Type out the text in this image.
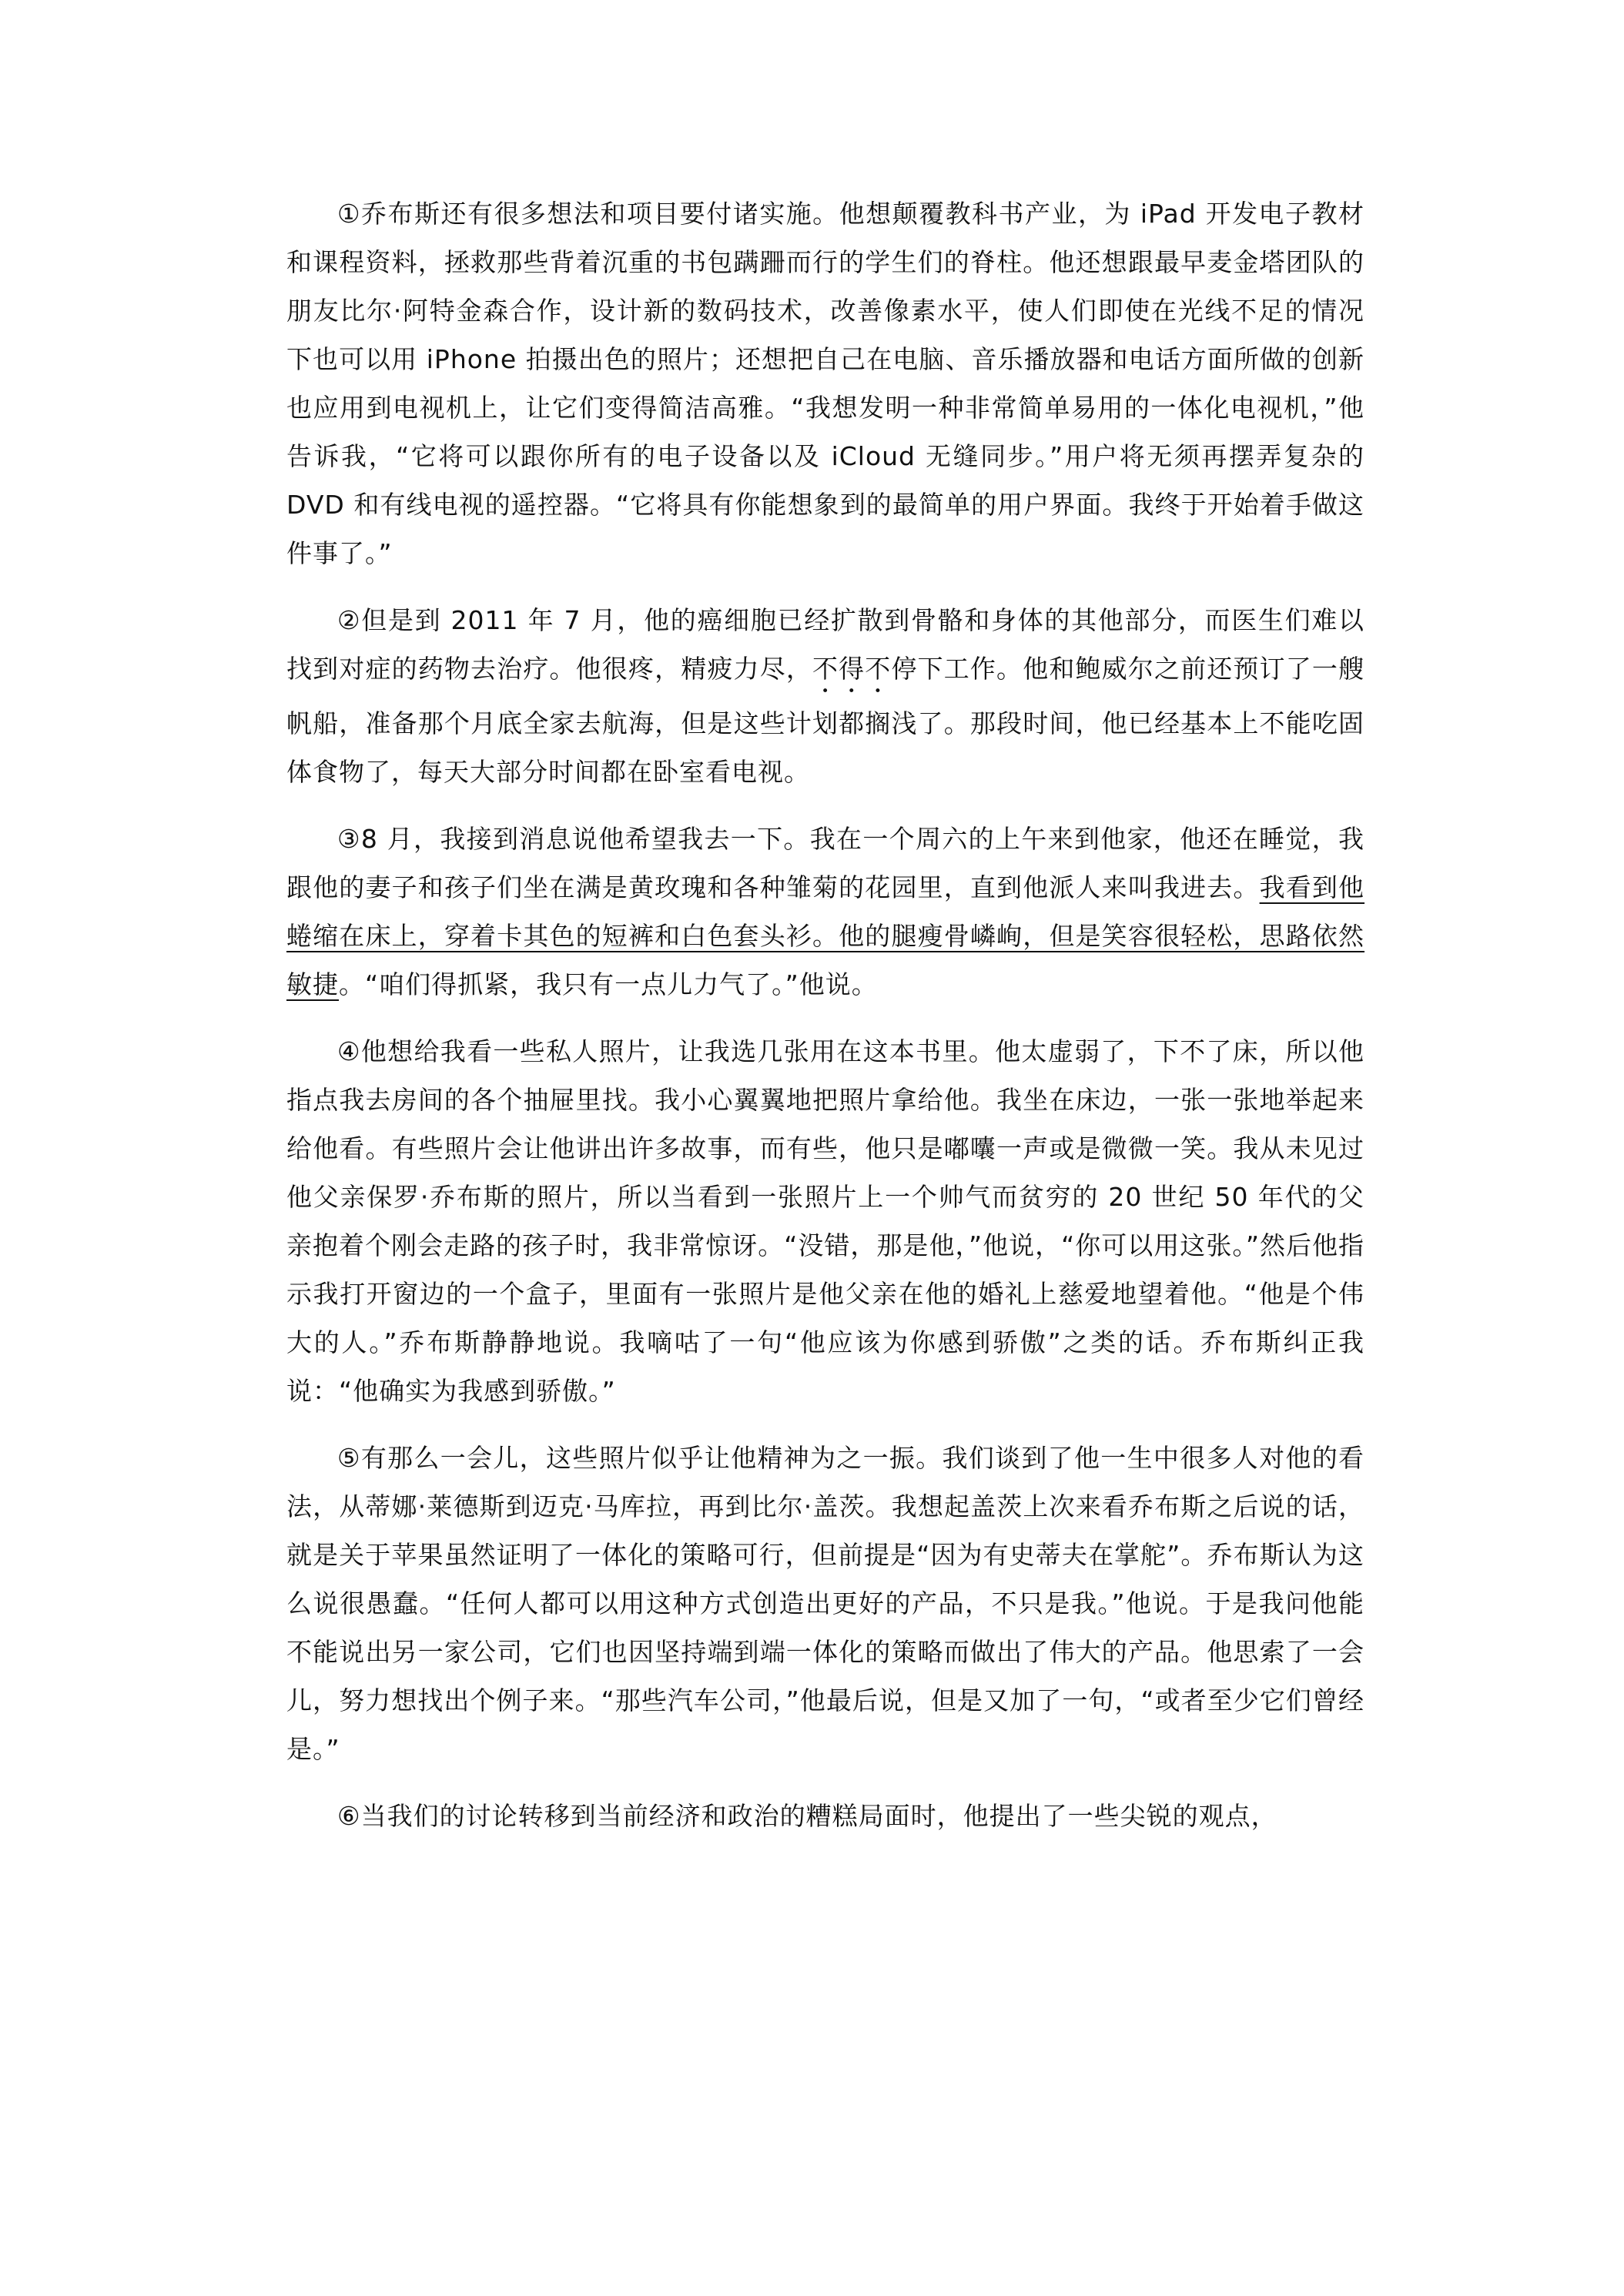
①乔布斯还有很多想法和项目要付诸实施。他想颠覆教科书产业，为 iPad 开发电子教材和课程资料，拯救那些背着沉重的书包蹒跚而行的学生们的脊柱。他还想跟最早麦金塔团队的朋友比尔·阿特金森合作，设计新的数码技术，改善像素水平，使人们即使在光线不足的情况下也可以用 iPhone 拍摄出色的照片；还想把自己在电脑、音乐播放器和电话方面所做的创新也应用到电视机上，让它们变得简洁高雅。“我想发明一种非常简单易用的一体化电视机，”他告诉我，“它将可以跟你所有的电子设备以及 iCloud 无缝同步。”用户将无须再摆弄复杂的 DVD 和有线电视的遥控器。“它将具有你能想象到的最简单的用户界面。我终于开始着手做这件事了。”

②但是到 2011 年 7 月，他的癌细胞已经扩散到骨骼和身体的其他部分，而医生们难以找到对症的药物去治疗。他很疼，精疲力尽，不得不停下工作。他和鲍威尔之前还预订了一艘帆船，准备那个月底全家去航海，但是这些计划都搁浅了。那段时间，他已经基本上不能吃固体食物了，每天大部分时间都在卧室看电视。

③8 月，我接到消息说他希望我去一下。我在一个周六的上午来到他家，他还在睡觉，我跟他的妻子和孩子们坐在满是黄玫瑰和各种雏菊的花园里，直到他派人来叫我进去。我看到他蜷缩在床上，穿着卡其色的短裤和白色套头衫。他的腿瘦骨嶙峋，但是笑容很轻松，思路依然敏捷。“咱们得抓紧，我只有一点儿力气了。”他说。

④他想给我看一些私人照片，让我选几张用在这本书里。他太虚弱了，下不了床，所以他指点我去房间的各个抽屉里找。我小心翼翼地把照片拿给他。我坐在床边，一张一张地举起来给他看。有些照片会让他讲出许多故事，而有些，他只是嘟囔一声或是微微一笑。我从未见过他父亲保罗·乔布斯的照片，所以当看到一张照片上一个帅气而贫穷的 20 世纪 50 年代的父亲抱着个刚会走路的孩子时，我非常惊讶。“没错，那是他，”他说，“你可以用这张。”然后他指示我打开窗边的一个盒子，里面有一张照片是他父亲在他的婚礼上慈爱地望着他。“他是个伟大的人。”乔布斯静静地说。我嘀咕了一句“他应该为你感到骄傲”之类的话。乔布斯纠正我说：“他确实为我感到骄傲。”

⑤有那么一会儿，这些照片似乎让他精神为之一振。我们谈到了他一生中很多人对他的看法，从蒂娜·莱德斯到迈克·马库拉，再到比尔·盖茨。我想起盖茨上次来看乔布斯之后说的话，就是关于苹果虽然证明了一体化的策略可行，但前提是“因为有史蒂夫在掌舵”。乔布斯认为这么说很愚蠢。“任何人都可以用这种方式创造出更好的产品，不只是我。”他说。于是我问他能不能说出另一家公司，它们也因坚持端到端一体化的策略而做出了伟大的产品。他思索了一会儿，努力想找出个例子来。“那些汽车公司，”他最后说，但是又加了一句，“或者至少它们曾经是。”

⑥当我们的讨论转移到当前经济和政治的糟糕局面时，他提出了一些尖锐的观点，
